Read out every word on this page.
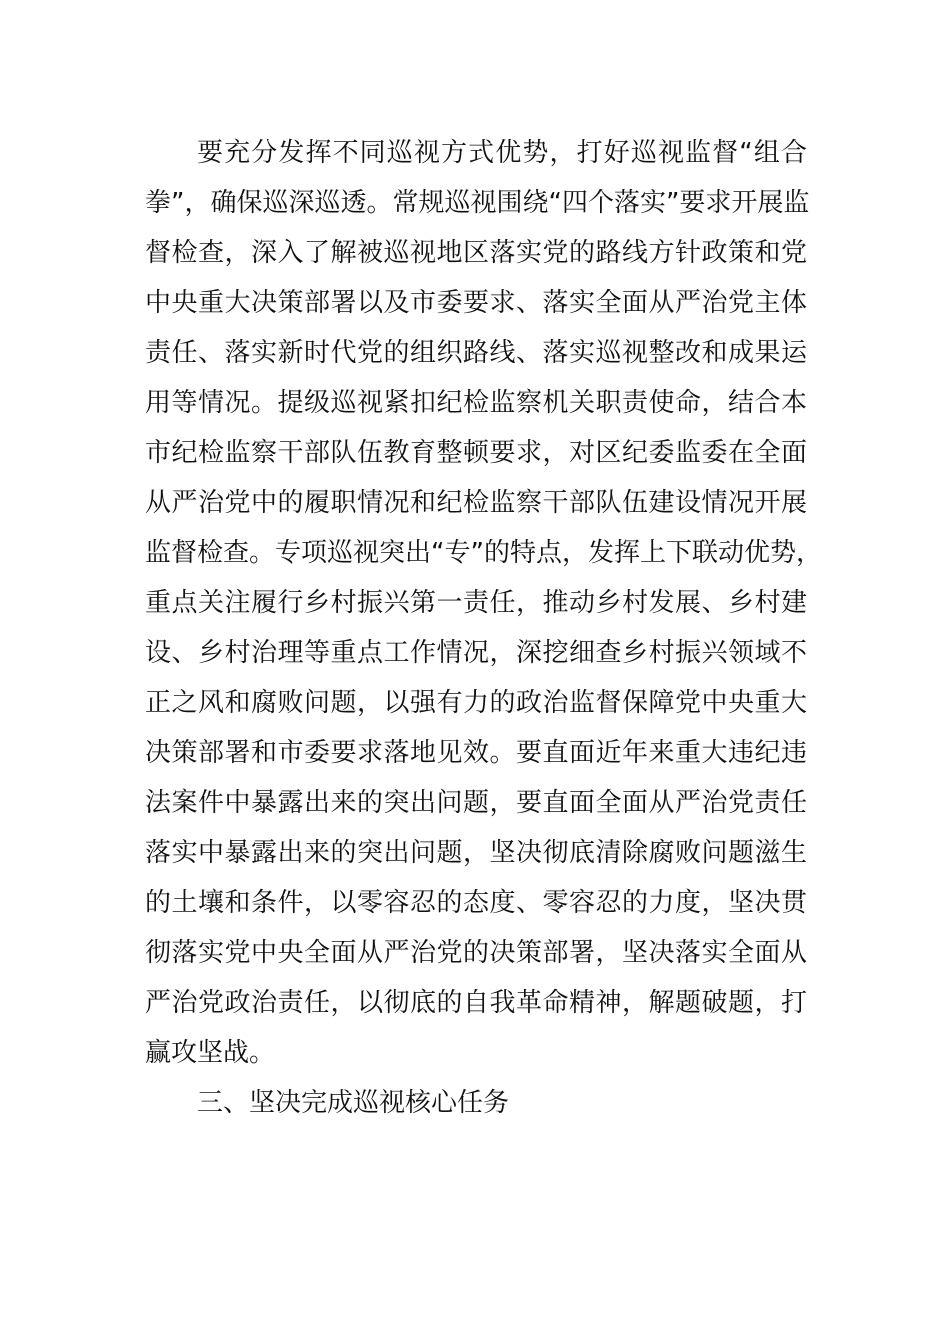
要充分发挥不同巡视方式优势，打好巡视监督“组合
拳”，确保巡深巡透。常规巡视围绕“四个落实”要求开展监
督检查，深入了解被巡视地区落实党的路线方针政策和党
中央重大决策部署以及市委要求、落实全面从严治党主体
责任、落实新时代党的组织路线、落实巡视整改和成果运
用等情况。提级巡视紧扣纪检监察机关职责使命，结合本
市纪检监察干部队伍教育整顿要求，对区纪委监委在全面
从严治党中的履职情况和纪检监察干部队伍建设情况开展
监督检查。专项巡视突出“专”的特点，发挥上下联动优势，
重点关注履行乡村振兴第一责任，推动乡村发展、乡村建
设、乡村治理等重点工作情况，深挖细查乡村振兴领域不
正之风和腐败问题，以强有力的政治监督保障党中央重大
决策部署和市委要求落地见效。要直面近年来重大违纪违
法案件中暴露出来的突出问题，要直面全面从严治党责任
落实中暴露出来的突出问题，坚决彻底清除腐败问题滋生
的土壤和条件，以零容忍的态度、零容忍的力度，坚决贯
彻落实党中央全面从严治党的决策部署，坚决落实全面从
严治党政治责任，以彻底的自我革命精神，解题破题，打
赢攻坚战。
三、坚决完成巡视核心任务
